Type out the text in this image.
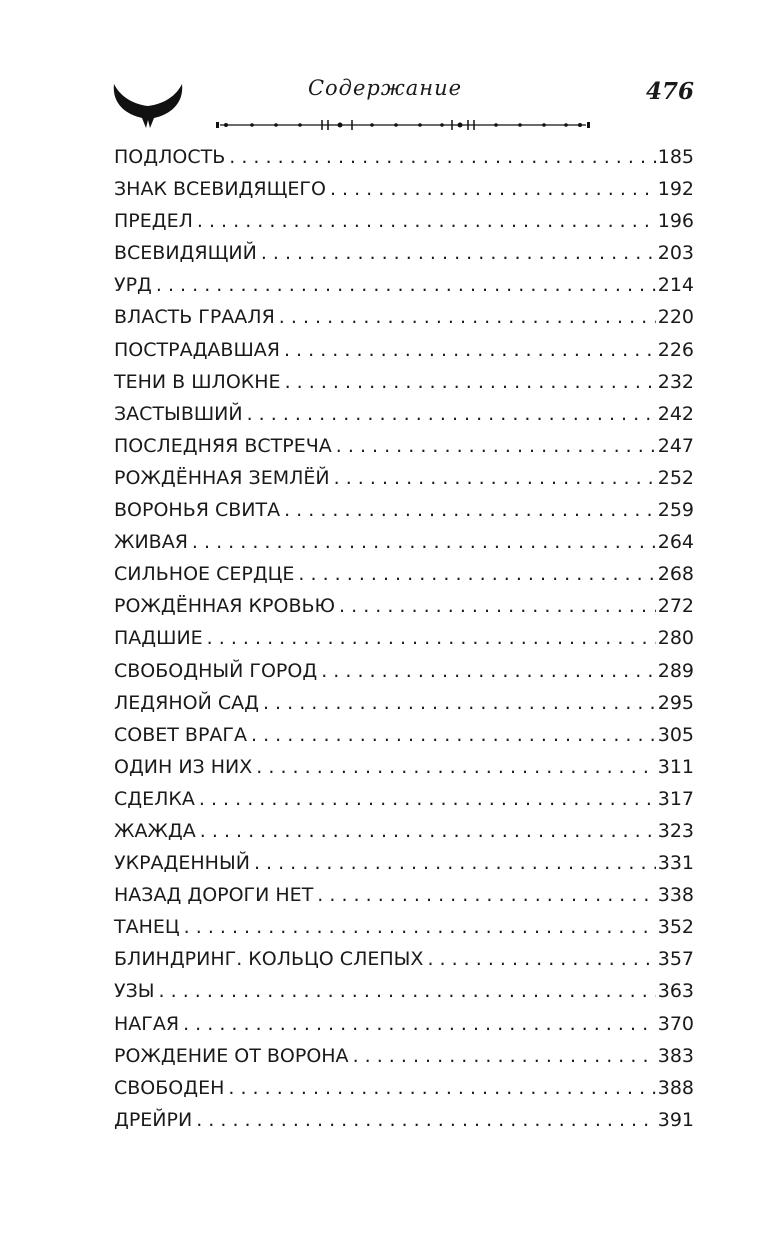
Содержание	476
ПОДЛОСТЬ . . .	185
ЗНАК ВСЕВИДЯЩЕГО . . .	192
ПРЕДЕЛ . . .	196
ВСЕВИДЯЩИЙ . . .	203
УРД . . .	214
ВЛАСТЬ ГРААЛЯ . . .	220
ПОСТРАДАВШАЯ . . .	226
ТЕНИ В ШЛОКНЕ . . .	232
ЗАСТЫВШИЙ . . .	242
ПОСЛЕДНЯЯ ВСТРЕЧА . . .	247
РОЖДЁННАЯ ЗЕМЛЁЙ . . .	252
ВОРОНЬЯ СВИТА . . .	259
ЖИВАЯ . . .	264
СИЛЬНОЕ СЕРДЦЕ . . .	268
РОЖДЁННАЯ КРОВЬЮ . . .	272
ПАДШИЕ . . .	280
СВОБОДНЫЙ ГОРОД . . .	289
ЛЕДЯНОЙ САД . . .	295
СОВЕТ ВРАГА . . .	305
ОДИН ИЗ НИХ . . .	311
СДЕЛКА . . .	317
ЖАЖДА . . .	323
УКРАДЕННЫЙ . . .	331
НАЗАД ДОРОГИ НЕТ . . .	338
ТАНЕЦ . . .	352
БЛИНДРИНГ. КОЛЬЦО СЛЕПЫХ . . .	357
УЗЫ . . .	363
НАГАЯ . . .	370
РОЖДЕНИЕ ОТ ВОРОНА . . .	383
СВОБОДЕН . . .	388
ДРЕЙРИ . . .	391
